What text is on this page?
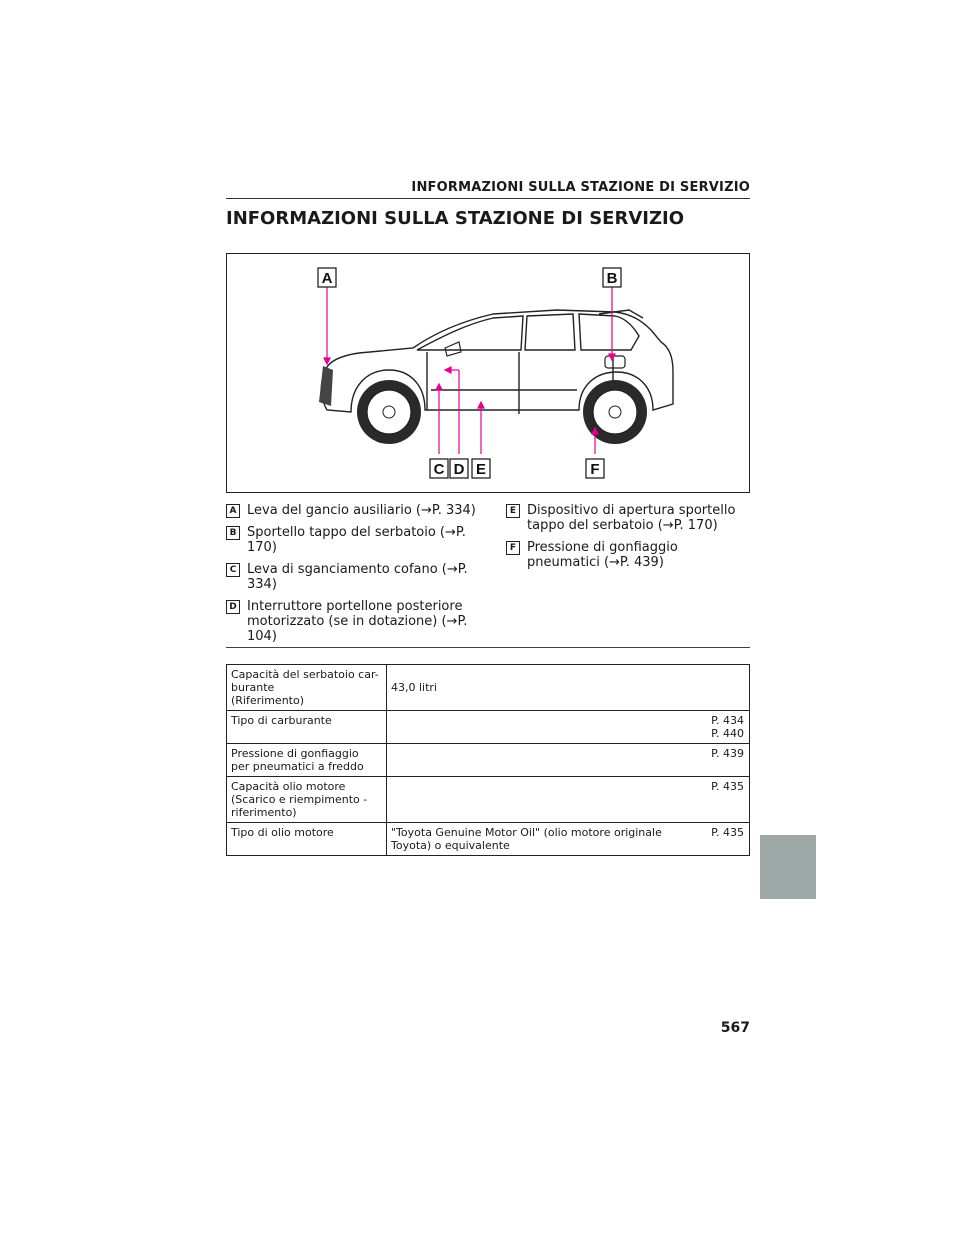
INFORMAZIONI SULLA STAZIONE DI SERVIZIO
INFORMAZIONI SULLA STAZIONE DI SERVIZIO
A	B
C D E	F
A Leva del gancio ausiliario (→P. 334)
B Sportello tappo del serbatoio (→P. 170)
C Leva di sganciamento cofano (→P. 334)
D Interruttore portellone posteriore motorizzato (se in dotazione) (→P. 104)
E Dispositivo di apertura sportello tappo del serbatoio (→P. 170)
F Pressione di gonfiaggio pneumatici (→P. 439)
Capacità del serbatoio car-
burante
(Riferimento)	43,0 litri

Tipo di carburante	P. 434
P. 440

Pressione di gonfiaggio
per pneumatici a freddo	P. 439

Capacità olio motore
(Scarico e riempimento -
riferimento)	P. 435

Tipo di olio motore	"Toyota Genuine Motor Oil" (olio motore originale
Toyota) o equivalente
P. 435
567
